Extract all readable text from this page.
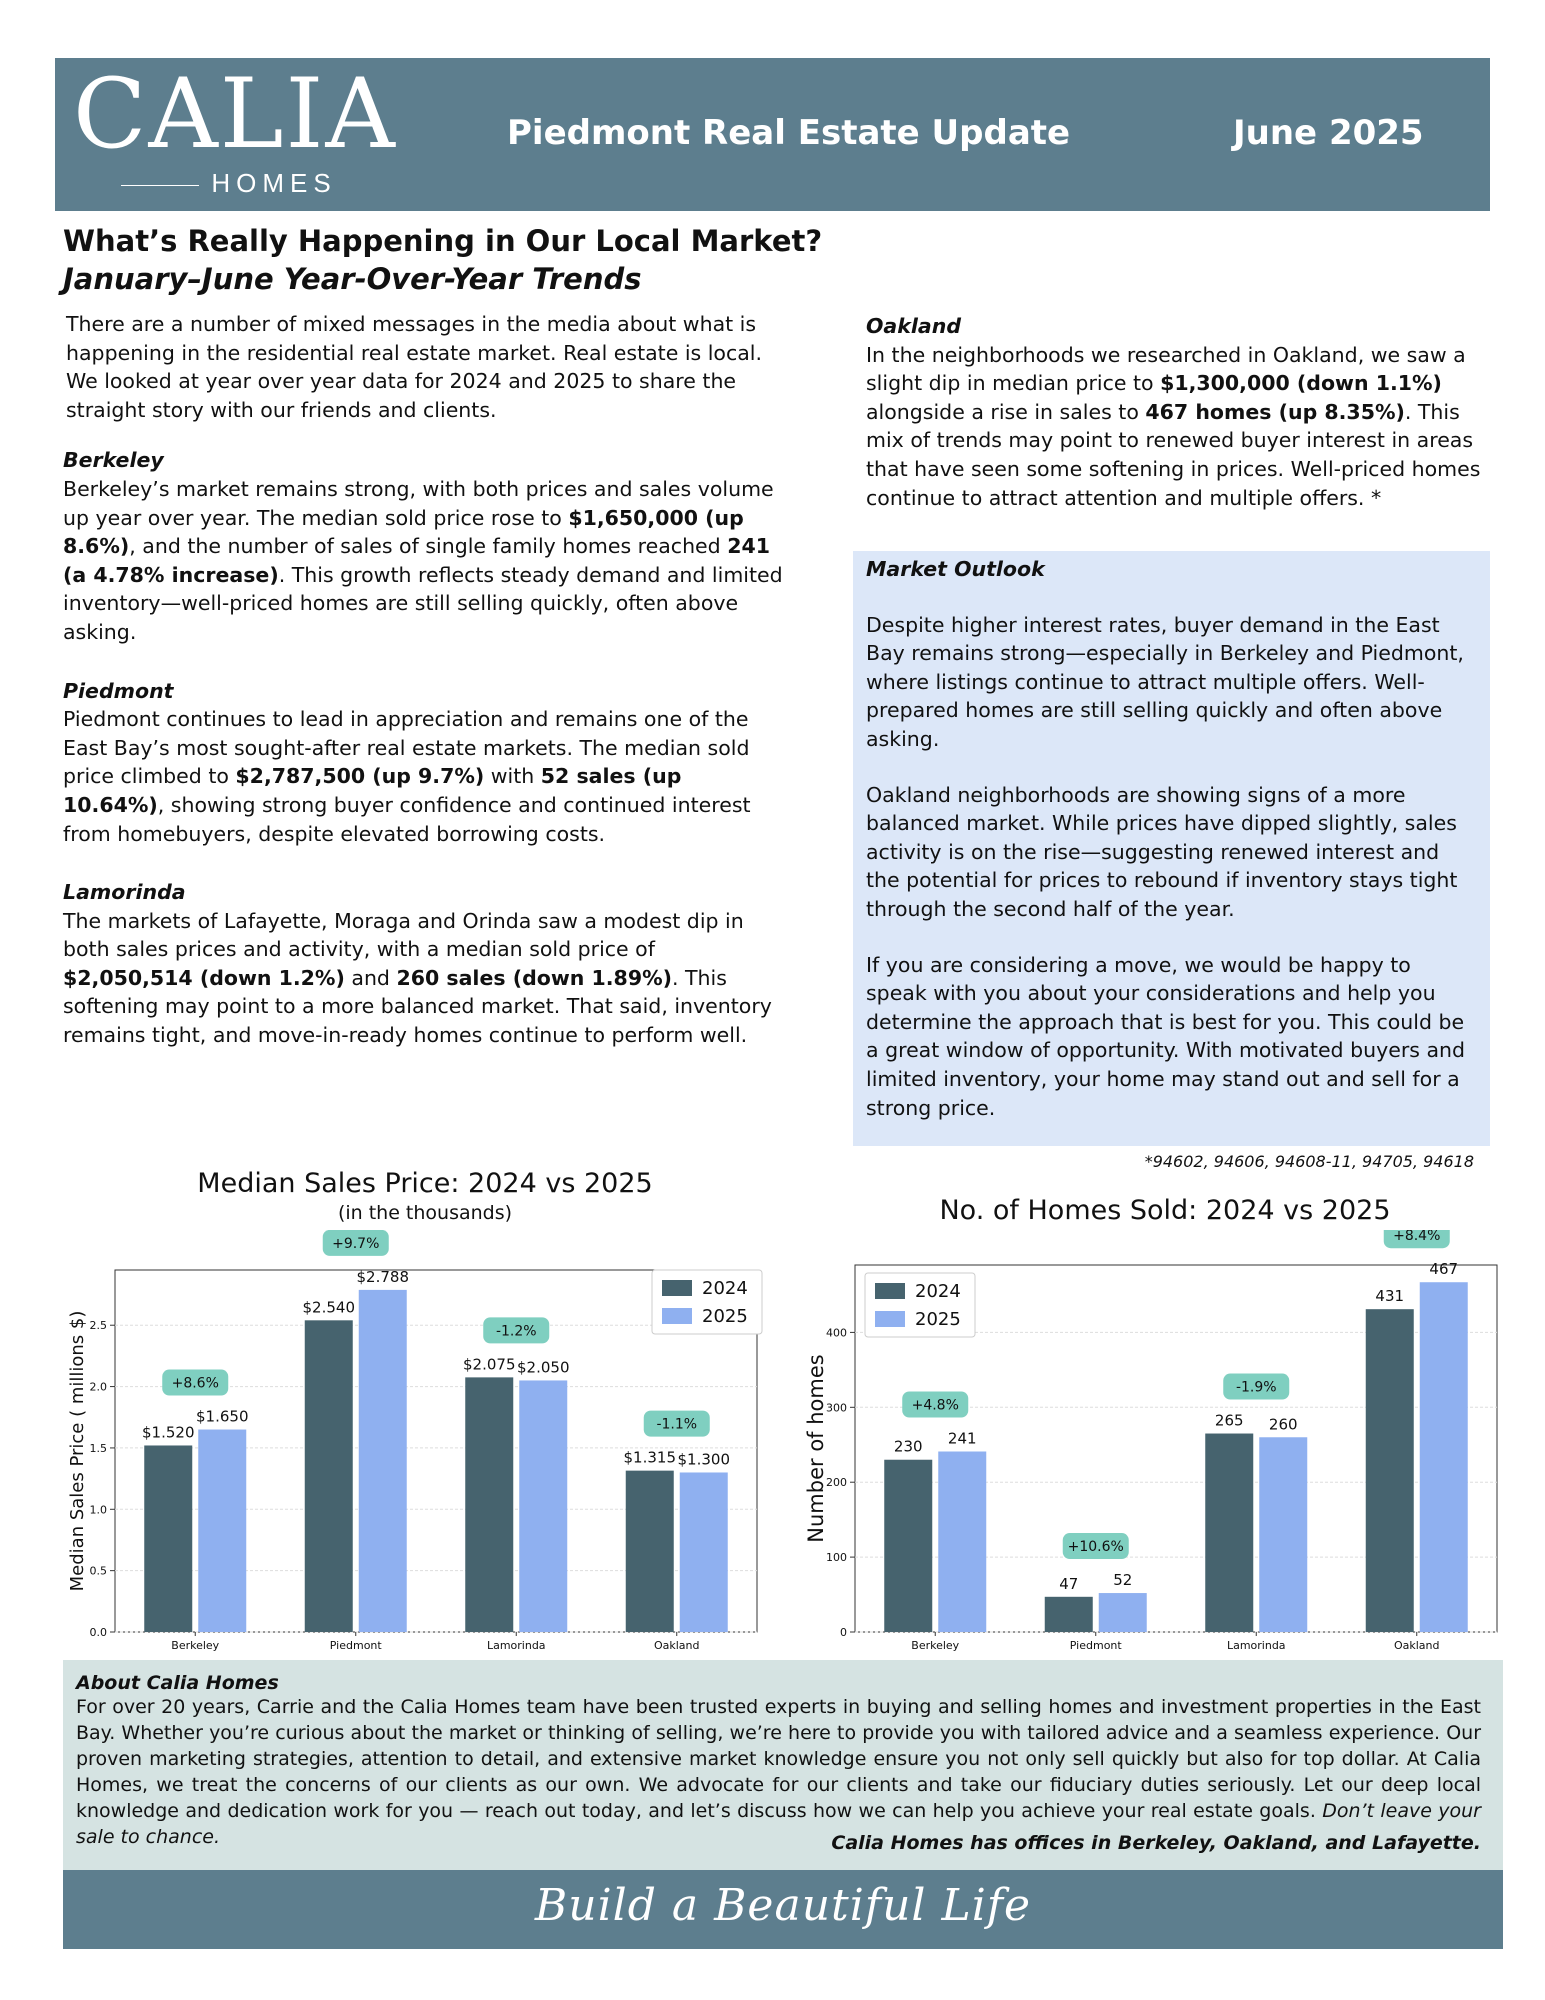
CALIA
HOMES
Piedmont Real Estate Update	June 2025
What’s Really Happening in Our Local Market?
January–June Year-Over-Year Trends

There are a number of mixed messages in the media about what is happening in the residential real estate market. Real estate is local. We looked at year over year data for 2024 and 2025 to share the straight story with our friends and clients.

Berkeley

Berkeley’s market remains strong, with both prices and sales volume up year over year. The median sold price rose to $1,650,000 (up 8.6%), and the number of sales of single family homes reached 241 (a 4.78% increase). This growth reflects steady demand and limited inventory—well-priced homes are still selling quickly, often above asking.

Piedmont

Piedmont continues to lead in appreciation and remains one of the East Bay’s most sought-after real estate markets. The median sold price climbed to $2,787,500 (up 9.7%) with 52 sales (up 10.64%), showing strong buyer confidence and continued interest from homebuyers, despite elevated borrowing costs.

Lamorinda

The markets of Lafayette, Moraga and Orinda saw a modest dip in both sales prices and activity, with a median sold price of $2,050,514 (down 1.2%) and 260 sales (down 1.89%). This softening may point to a more balanced market. That said, inventory remains tight, and move-in-ready homes continue to perform well.

Oakland

In the neighborhoods we researched in Oakland, we saw a slight dip in median price to $1,300,000 (down 1.1%) alongside a rise in sales to 467 homes (up 8.35%). This mix of trends may point to renewed buyer interest in areas that have seen some softening in prices. Well-priced homes continue to attract attention and multiple offers. *

Market Outlook

Despite higher interest rates, buyer demand in the East Bay remains strong—especially in Berkeley and Piedmont, where listings continue to attract multiple offers. Well-prepared homes are still selling quickly and often above asking.

Oakland neighborhoods are showing signs of a more balanced market. While prices have dipped slightly, sales activity is on the rise—suggesting renewed interest and the potential for prices to rebound if inventory stays tight through the second half of the year.

If you are considering a move, we would be happy to speak with you about your considerations and help you determine the approach that is best for you. This could be a great window of opportunity. With motivated buyers and limited inventory, your home may stand out and sell for a strong price.

*94602, 94606, 94608-11, 94705, 94618
Median Sales Price: 2024 vs 2025
(in the thousands)
0.0
0.5
1.0
1.5
2.0
2.5
Median Sales Price ( millions $)	$1.520
$1.650
+8.6%
Berkeley
$2.540
$2.788
+9.7%
Piedmont
$2.075 $2.050
-1.2%
Lamorinda
$1.315 $1.300
-1.1%
Oakland
2024
2025
No. of Homes Sold: 2024 vs 2025
0
100
200
300
400
Number of homes	230 241
+4.8%
Berkeley
47 52
+10.6%
Piedmont
265 260
-1.9%
Lamorinda
431
467
+8.4%
Oakland
2024
2025
About Calia Homes
For over 20 years, Carrie and the Calia Homes team have been trusted experts in buying and selling homes and investment properties in the East Bay. Whether you’re curious about the market or thinking of selling, we’re here to provide you with tailored advice and a seamless experience. Our proven marketing strategies, attention to detail, and extensive market knowledge ensure you not only sell quickly but also for top dollar. At Calia Homes, we treat the concerns of our clients as our own. We advocate for our clients and take our fiduciary duties seriously. Let our deep local knowledge and dedication work for you — reach out today, and let’s discuss how we can help you achieve your real estate goals. Don’t leave your sale to chance.	Calia Homes has offices in Berkeley, Oakland, and Lafayette.
Build a Beautiful Life
